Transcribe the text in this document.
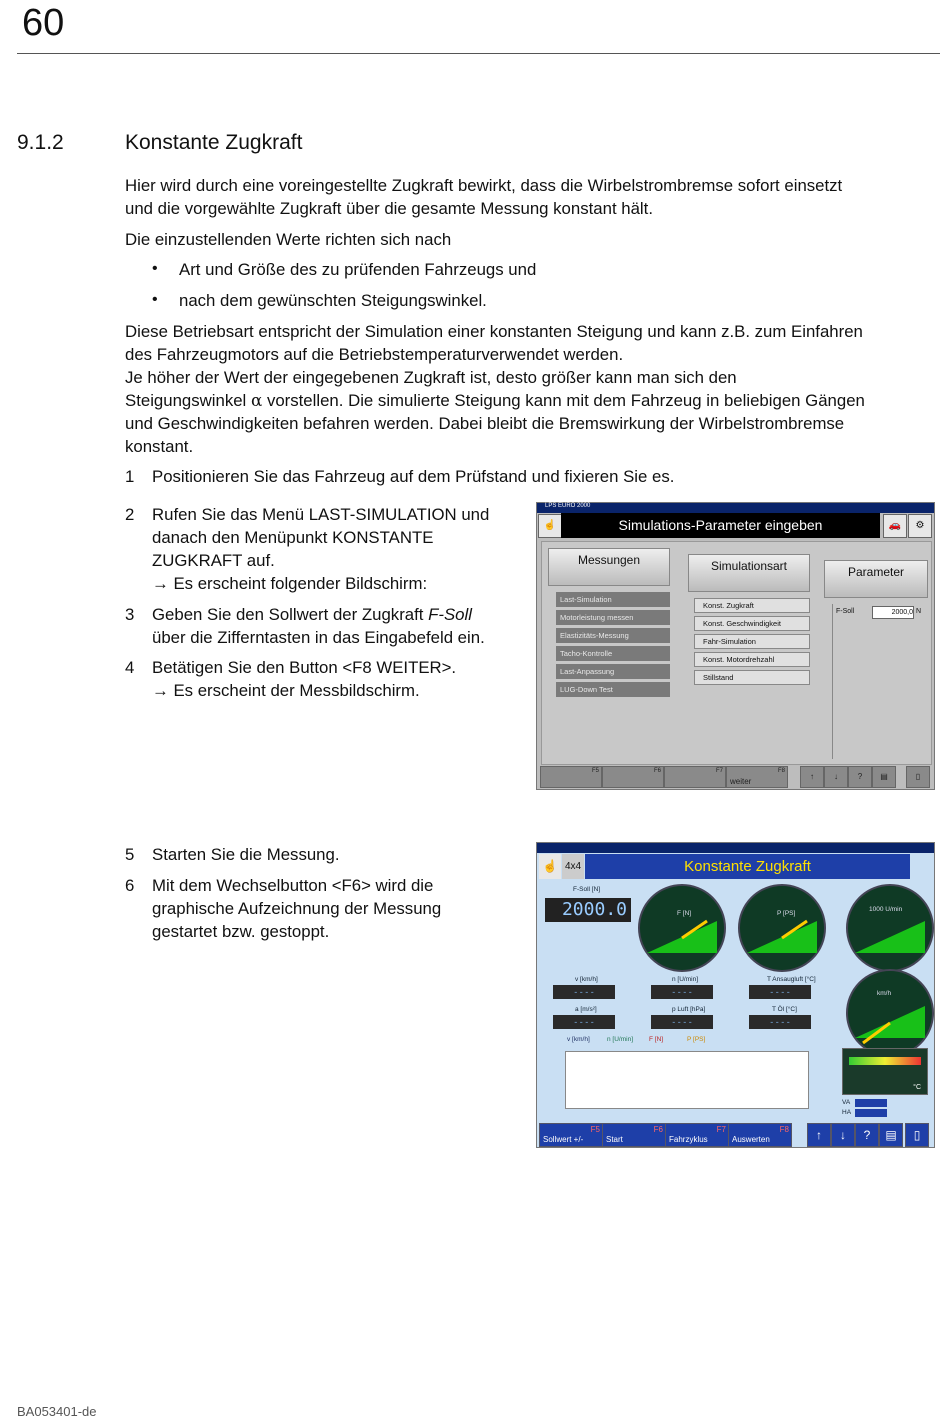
60
9.1.2	Konstante Zugkraft
Hier wird durch eine voreingestellte Zugkraft bewirkt, dass die Wirbelstrombremse sofort einsetzt
und die vorgewählte Zugkraft über die gesamte Messung konstant hält.
Die einzustellenden Werte richten sich nach
• Art und Größe des zu prüfenden Fahrzeugs und
• nach dem gewünschten Steigungswinkel.
Diese Betriebsart entspricht der Simulation einer konstanten Steigung und kann z.B. zum Einfahren
des Fahrzeugmotors auf die Betriebstemperaturverwendet werden.
Je höher der Wert der eingegebenen Zugkraft ist, desto größer kann man sich den
Steigungswinkel α vorstellen. Die simulierte Steigung kann mit dem Fahrzeug in beliebigen Gängen
und Geschwindigkeiten befahren werden. Dabei bleibt die Bremswirkung der Wirbelstrombremse
konstant.
1 Positionieren Sie das Fahrzeug auf dem Prüfstand und fixieren Sie es.
2 Rufen Sie das Menü LAST-SIMULATION und
danach den Menüpunkt KONSTANTE
ZUGKRAFT auf.
→ Es erscheint folgender Bildschirm:
3 Geben Sie den Sollwert der Zugkraft F-Soll
über die Zifferntasten in das Eingabefeld ein.
4 Betätigen Sie den Button <F8 WEITER>.
→ Es erscheint der Messbildschirm.
5 Starten Sie die Messung.
6 Mit dem Wechselbutton <F6> wird die
graphische Aufzeichnung der Messung
gestartet bzw. gestoppt.
LPS EURO 2000
☝	Simulations-Parameter eingeben	🚗	⚙
Messungen	Simulationsart	Parameter
Last-Simulation
Motorleistung messen
Elastizitäts-Messung
Tacho-Kontrolle
Last-Anpassung
LUG-Down Test
Konst. Zugkraft
Konst. Geschwindigkeit
Fahr-Simulation
Konst. Motordrehzahl
Stillstand
F-Soll	2000,0 N
F5	F6	F7
weiter
F8
↑	↓	?	▤	▯
☝ 4x4	Konstante Zugkraft
F-Soll [N]
2000.0	F [N]	P [PS]
1000 U/min
km/h
v [km/h]	n [U/min]	T Ansaugluft [°C]
- - - -	- - - -	- - - -
a [m/s²]	p Luft [hPa]	T Öl [°C]
- - - -	- - - -	- - - -
v [km/h]	n [U/min] F [N]	P [PS]
°C
VA
HA
Sollwert +/-
F5
Start
F6
Fahrzyklus
F7
Auswerten
F8	↑	↓	?	▤	▯
BA053401-de
